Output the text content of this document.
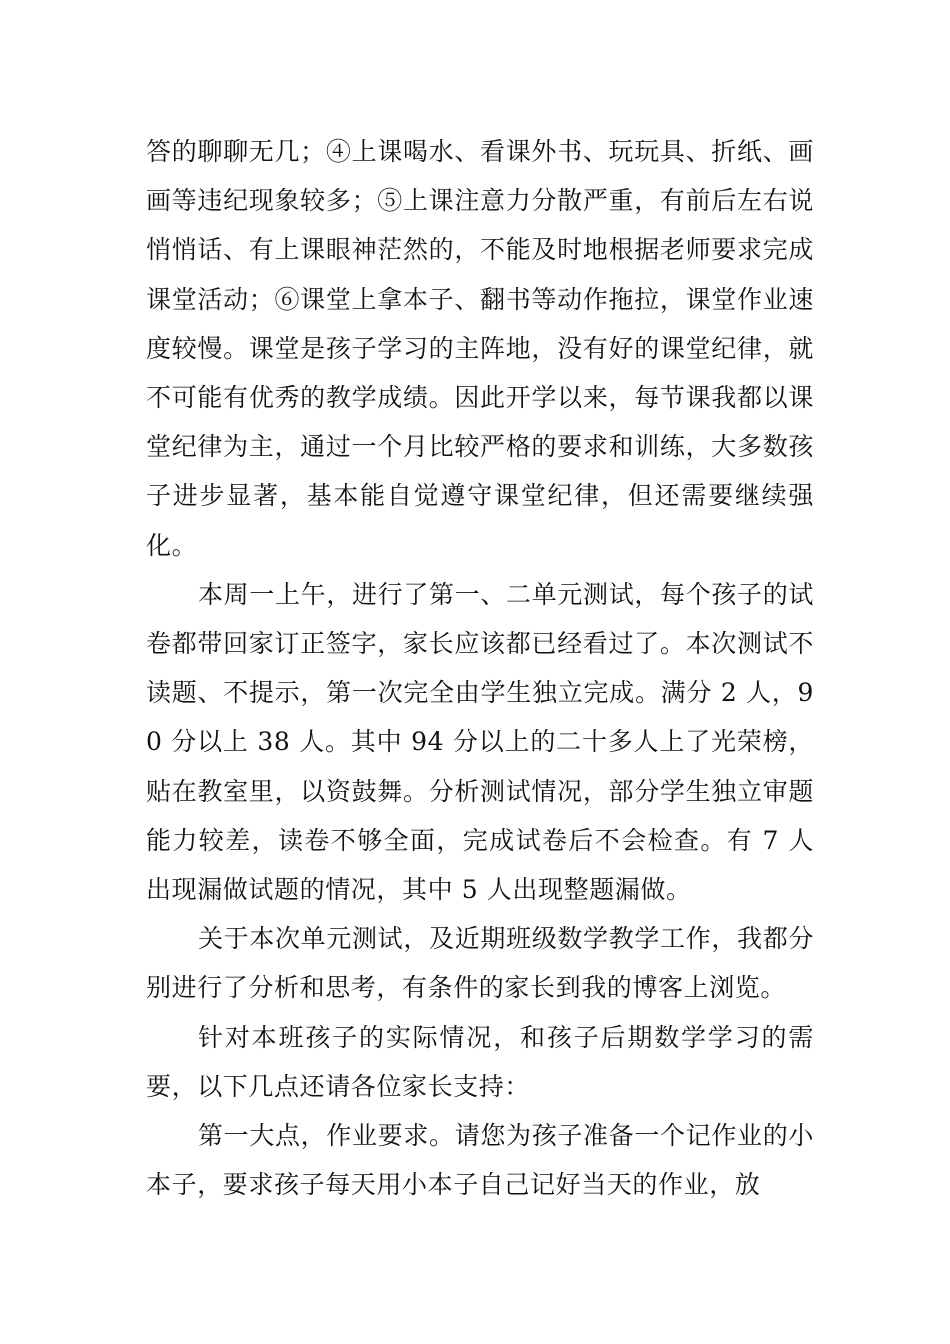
答的聊聊无几；④上课喝水、看课外书、玩玩具、折纸、画画等违纪现象较多；⑤上课注意力分散严重，有前后左右说悄悄话、有上课眼神茫然的，不能及时地根据老师要求完成课堂活动；⑥课堂上拿本子、翻书等动作拖拉，课堂作业速度较慢。课堂是孩子学习的主阵地，没有好的课堂纪律，就不可能有优秀的教学成绩。因此开学以来，每节课我都以课堂纪律为主，通过一个月比较严格的要求和训练，大多数孩子进步显著，基本能自觉遵守课堂纪律，但还需要继续强化。

本周一上午，进行了第一、二单元测试，每个孩子的试卷都带回家订正签字，家长应该都已经看过了。本次测试不读题、不提示，第一次完全由学生独立完成。满分 2 人，90 分以上 38 人。其中 94 分以上的二十多人上了光荣榜，贴在教室里，以资鼓舞。分析测试情况，部分学生独立审题能力较差，读卷不够全面，完成试卷后不会检查。有 7 人出现漏做试题的情况，其中 5 人出现整题漏做。

关于本次单元测试，及近期班级数学教学工作，我都分别进行了分析和思考，有条件的家长到我的博客上浏览。

针对本班孩子的实际情况，和孩子后期数学学习的需要，以下几点还请各位家长支持：

第一大点，作业要求。请您为孩子准备一个记作业的小本子，要求孩子每天用小本子自己记好当天的作业，放
